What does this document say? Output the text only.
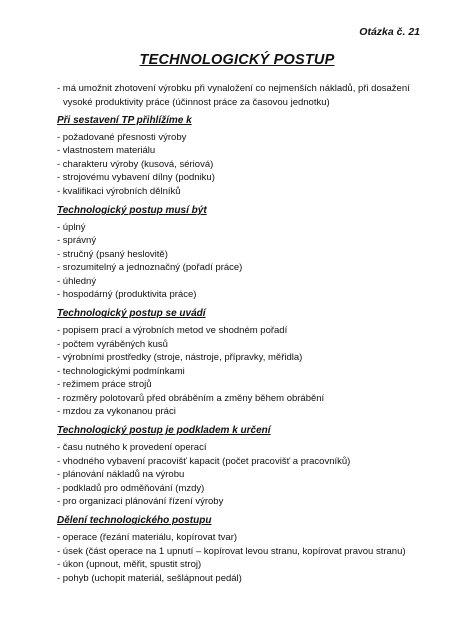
Otázka č. 21
TECHNOLOGICKÝ POSTUP
- má umožnit zhotovení výrobku při vynaložení co nejmenších nákladů, při dosažení
vysoké produktivity práce (účinnost práce za časovou jednotku)
Při sestavení TP přihlížíme k
- požadované přesnosti výroby
- vlastnostem materiálu
- charakteru výroby (kusová, sériová)
- strojovému vybavení dílny (podniku)
- kvalifikaci výrobních dělníků
Technologický postup musí být
- úplný
- správný
- stručný (psaný heslovitě)
- srozumitelný a jednoznačný (pořadí práce)
- úhledný
- hospodárný (produktivita práce)
Technologický postup se uvádí
- popisem prací a výrobních metod ve shodném pořadí
- počtem vyráběných kusů
- výrobními prostředky (stroje, nástroje, přípravky, měřidla)
- technologickými podmínkami
- režimem práce strojů
- rozměry polotovarů před obráběním a změny během obrábění
- mzdou za vykonanou práci
Technologický postup je podkladem k určení
- času nutného k provedení operací
- vhodného vybavení pracovišť kapacit (počet pracovišť a pracovníků)
- plánování nákladů na výrobu
- podkladů pro odměňování (mzdy)
- pro organizaci plánování řízení výroby
Dělení technologického postupu
- operace (řezání materiálu, kopírovat tvar)
- úsek (část operace na 1 upnutí – kopírovat levou stranu, kopírovat pravou stranu)
- úkon (upnout, měřit, spustit stroj)
- pohyb (uchopit materiál, sešlápnout pedál)
